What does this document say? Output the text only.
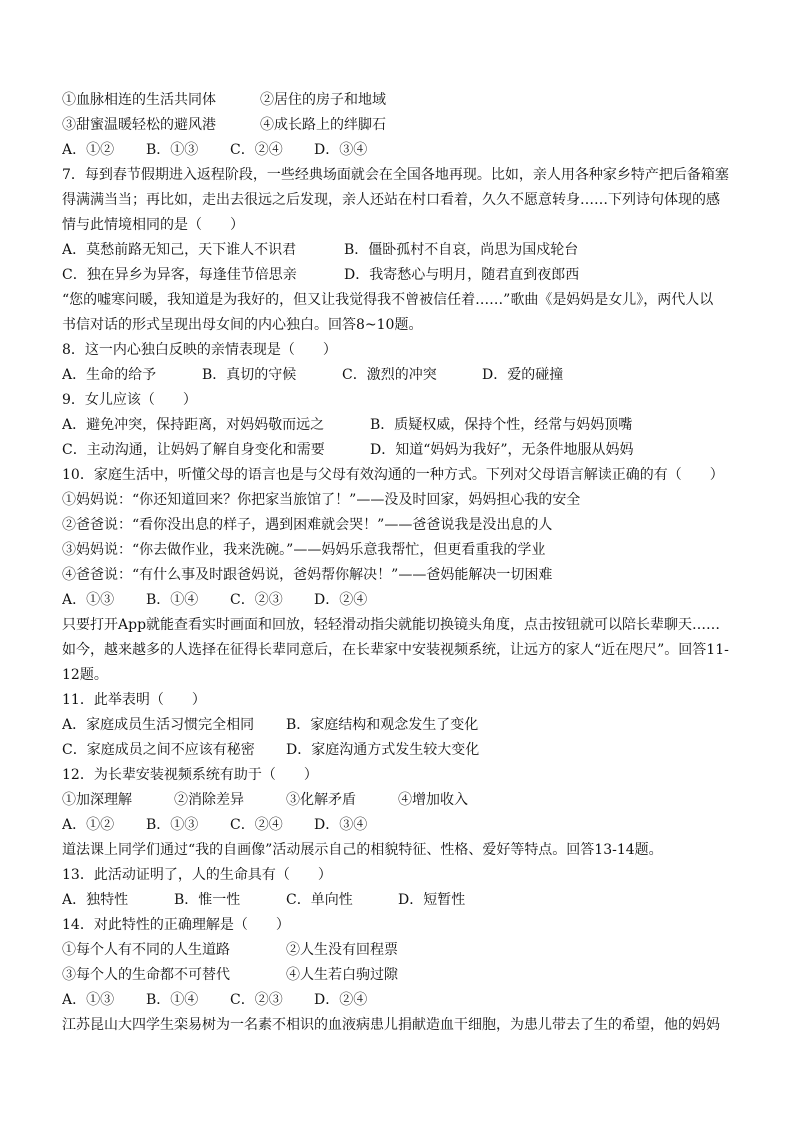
①血脉相连的生活共同体	②居住的房子和地域
③甜蜜温暖轻松的避风港	④成长路上的绊脚石
A．①②	B．①③	C．②④	D．③④
7．每到春节假期进入返程阶段，一些经典场面就会在全国各地再现。比如，亲人用各种家乡特产把后备箱塞
得满满当当；再比如，走出去很远之后发现，亲人还站在村口看着，久久不愿意转身……下列诗句体现的感
情与此情境相同的是（　　）
A．莫愁前路无知己，天下谁人不识君	B．僵卧孤村不自哀，尚思为国戍轮台
C．独在异乡为异客，每逢佳节倍思亲	D．我寄愁心与明月，随君直到夜郎西
“您的嘘寒问暖，我知道是为我好的，但又让我觉得我不曾被信任着……”歌曲《是妈妈是女儿》，两代人以
书信对话的形式呈现出母女间的内心独白。回答8~10题。
8．这一内心独白反映的亲情表现是（　　）
A．生命的给予	B．真切的守候	C．激烈的冲突	D．爱的碰撞
9．女儿应该（　　）
A．避免冲突，保持距离，对妈妈敬而远之	B．质疑权威，保持个性，经常与妈妈顶嘴
C．主动沟通，让妈妈了解自身变化和需要	D．知道“妈妈为我好”，无条件地服从妈妈
10．家庭生活中，听懂父母的语言也是与父母有效沟通的一种方式。下列对父母语言解读正确的有（　　）
①妈妈说：“你还知道回来？你把家当旅馆了！”——没及时回家，妈妈担心我的安全
②爸爸说：“看你没出息的样子，遇到困难就会哭！”——爸爸说我是没出息的人
③妈妈说：“你去做作业，我来洗碗。”——妈妈乐意我帮忙，但更看重我的学业
④爸爸说：“有什么事及时跟爸妈说，爸妈帮你解决！”——爸妈能解决一切困难
A．①③	B．①④	C．②③	D．②④
只要打开App就能查看实时画面和回放，轻轻滑动指尖就能切换镜头角度，点击按钮就可以陪长辈聊天……
如今，越来越多的人选择在征得长辈同意后，在长辈家中安装视频系统，让远方的家人“近在咫尺”。回答11-
12题。
11．此举表明（　　）
A．家庭成员生活习惯完全相同	B．家庭结构和观念发生了变化
C．家庭成员之间不应该有秘密	D．家庭沟通方式发生较大变化
12．为长辈安装视频系统有助于（　　）
①加深理解	②消除差异	③化解矛盾	④增加收入
A．①②	B．①③	C．②④	D．③④
道法课上同学们通过“我的自画像”活动展示自己的相貌特征、性格、爱好等特点。回答13-14题。
13．此活动证明了，人的生命具有（　　）
A．独特性	B．惟一性	C．单向性	D．短暂性
14．对此特性的正确理解是（　　）
①每个人有不同的人生道路	②人生没有回程票
③每个人的生命都不可替代	④人生若白驹过隙
A．①③	B．①④	C．②③	D．②④
江苏昆山大四学生栾易树为一名素不相识的血液病患儿捐献造血干细胞，为患儿带去了生的希望，他的妈妈
